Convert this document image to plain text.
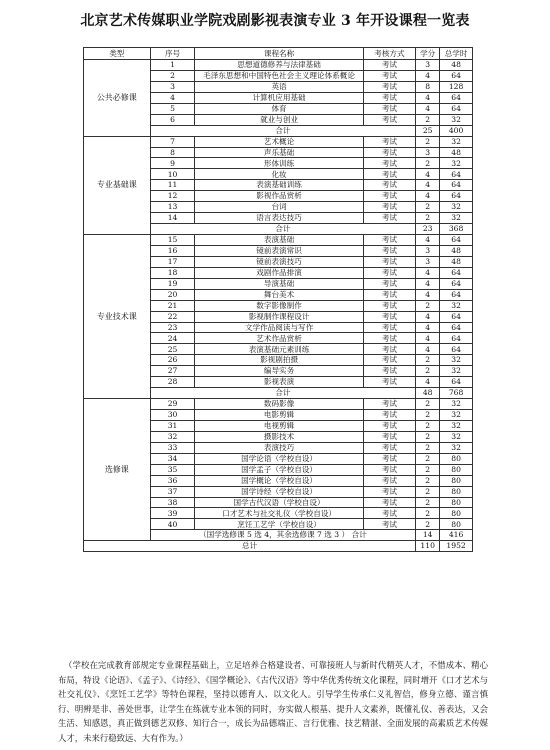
北京艺术传媒职业学院戏剧影视表演专业 3 年开设课程一览表
类型	序号	课程名称	考核方式	学分	总学时
公共必修课	1	思想道德修养与法律基础	考试	3	48
	2	毛泽东思想和中国特色社会主义理论体系概论	考试	4	64
	3	英语	考试	8	128
	4	计算机应用基础	考试	4	64
	5	体育	考试	4	64
	6	就业与创业	考试	2	32
	合计			25	400
专业基础课	7	艺术概论	考试	2	32
	8	声乐基础	考试	3	48
	9	形体训练	考试	2	32
	10	化妆	考试	4	64
	11	表演基础训练	考试	4	64
	12	影视作品赏析	考试	4	64
	13	台词	考试	2	32
	14	语言表达技巧	考试	2	32
	合计			23	368
专业技术课	15	表演基础	考试	4	64
	16	镜前表演常识	考试	3	48
	17	镜前表演技巧	考试	3	48
	18	戏剧作品排演	考试	4	64
	19	导演基础	考试	4	64
	20	舞台美术	考试	4	64
	21	数字影像制作	考试	2	32
	22	影视制作课程设计	考试	4	64
	23	文学作品阅读与写作	考试	4	64
	24	艺术作品赏析	考试	4	64
	25	表演基础元素训练	考试	4	64
	26	影视剧拍摄	考试	2	32
	27	编导实务	考试	2	32
	28	影视表演	考试	4	64
	合计			48	768
选修课	29	数码影像	考试	2	32
	30	电影剪辑	考试	2	32
	31	电视剪辑	考试	2	32
	32	摄影技术	考试	2	32
	33	表演技巧	考试	2	32
	34	国学论语（学校自设）	考试	2	80
	35	国学孟子（学校自设）	考试	2	80
	36	国学概论（学校自设）	考试	2	80
	37	国学诗经（学校自设）	考试	2	80
	38	国学古代汉语（学校自设）	考试	2	80
	39	口才艺术与社交礼仪（学校自设）	考试	2	80
	40	烹饪工艺学（学校自设）	考试	2	80
	（国学选修课 5 选 4，其余选修课 7 选 3 ） 合计			14	416
总计				110	1952
（学校在完成教育部规定专业课程基础上，立足培养合格建设者、可靠接班人与新时代精英人才，不惜成本、精心布局，特设《论语》、《孟子》、《诗经》、《国学概论》、《古代汉语》等中华优秀传统文化课程，同时增开《口才艺术与社交礼仪》、《烹饪工艺学》等特色课程，坚持以德育人、以文化人。引导学生传承仁义礼智信，修身立德、谨言慎行、明辨是非、善处世事，让学生在练就专业本领的同时，夯实做人根基、提升人文素养，既懂礼仪、善表达，又会生活、知感恩，真正做到德艺双修、知行合一，成长为品德端正、言行优雅、技艺精湛、全面发展的高素质艺术传媒人才，未来行稳致远、大有作为。）
